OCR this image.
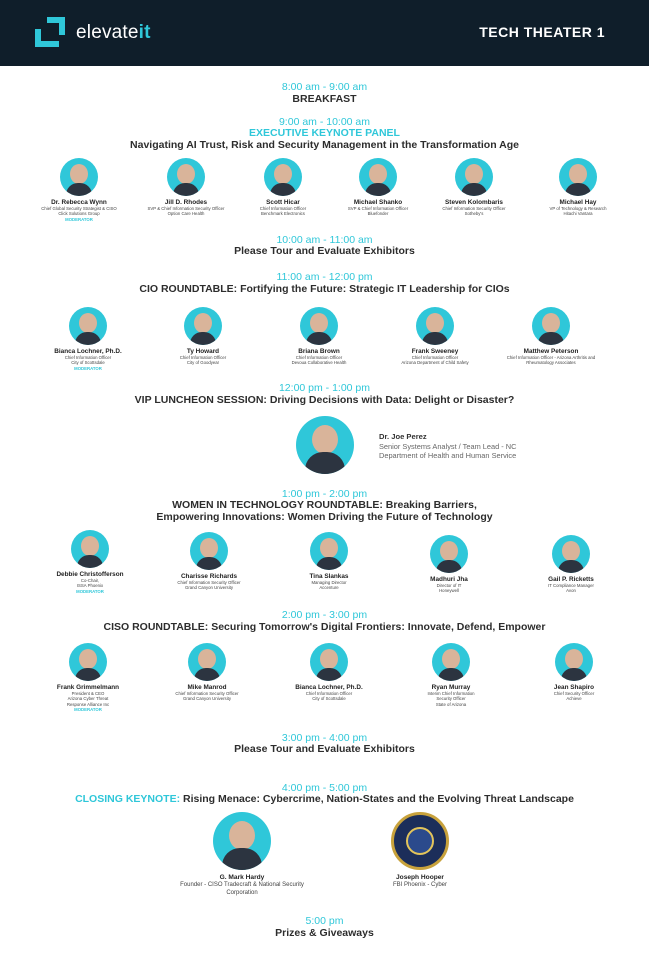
elevateit	TECH THEATER 1
8:00 am - 9:00 am
BREAKFAST
9:00 am - 10:00 am
EXECUTIVE KEYNOTE PANEL
Navigating AI Trust, Risk and Security Management in the Transformation Age
Dr. Rebecca Wynn
Chief Global Security Strategist & CISO
Click Solutions Group
MODERATOR
Jill D. Rhodes
SVP & Chief Information Security Officer
Option Care Health
Scott Hicar
Chief Information Officer
Benchmark Electronics
Michael Shanko
SVP & Chief Information Officer
Bluefonder
Steven Kolombaris
Chief Information Security Officer
Sotheby's
Michael Hay
VP of Technology & Research
Hitachi Vantara
10:00 am - 11:00 am
Please Tour and Evaluate Exhibitors
11:00 am - 12:00 pm
CIO ROUNDTABLE: Fortifying the Future: Strategic IT Leadership for CIOs
Bianca Lochner, Ph.D.
Chief Information Officer
City of Scottsdale
MODERATOR
Ty Howard
Chief Information Officer
City of Goodyear
Briana Brown
Chief Information Officer
Devoua Collaborative Health
Frank Sweeney
Chief Information Officer
Arizona Department of Child Safety
Matthew Peterson
Chief Information Officer - Arizona Arthritis and
Rheumatology Associates
12:00 pm - 1:00 pm
VIP LUNCHEON SESSION: Driving Decisions with Data: Delight or Disaster?
Dr. Joe Perez
Senior Systems Analyst / Team Lead - NC
Department of Health and Human Service
1:00 pm - 2:00 pm
WOMEN IN TECHNOLOGY ROUNDTABLE: Breaking Barriers,
Empowering Innovations: Women Driving the Future of Technology
Debbie Christofferson
Co-Chair,
ISSA Phoenix
MODERATOR
Charisse Richards
Chief Information Security Officer
Grand Canyon University
Tina Slankas
Managing Director
Accenture
Madhuri Jha
Director of IT
Honeywell
Gail P. Ricketts
IT Compliance Manager
Avon
2:00 pm - 3:00 pm
CISO ROUNDTABLE: Securing Tomorrow's Digital Frontiers: Innovate, Defend, Empower
Frank Grimmelmann
President & CEO
Arizona Cyber Threat
Response Alliance Inc
MODERATOR
Mike Manrod
Chief Information Security Officer
Grand Canyon University
Bianca Lochner, Ph.D.
Chief Information Officer
City of Scottsdale
Ryan Murray
Interim Chief Information
Security Officer
State of Arizona
Jean Shapiro
Chief Security Officer
Achieve
3:00 pm - 4:00 pm
Please Tour and Evaluate Exhibitors
4:00 pm - 5:00 pm
CLOSING KEYNOTE: Rising Menace: Cybercrime, Nation-States and the Evolving Threat Landscape
G. Mark Hardy
Founder - CISO Tradecraft & National Security
Corporation
Joseph Hooper
FBI Phoenix - Cyber
5:00 pm
Prizes & Giveaways
